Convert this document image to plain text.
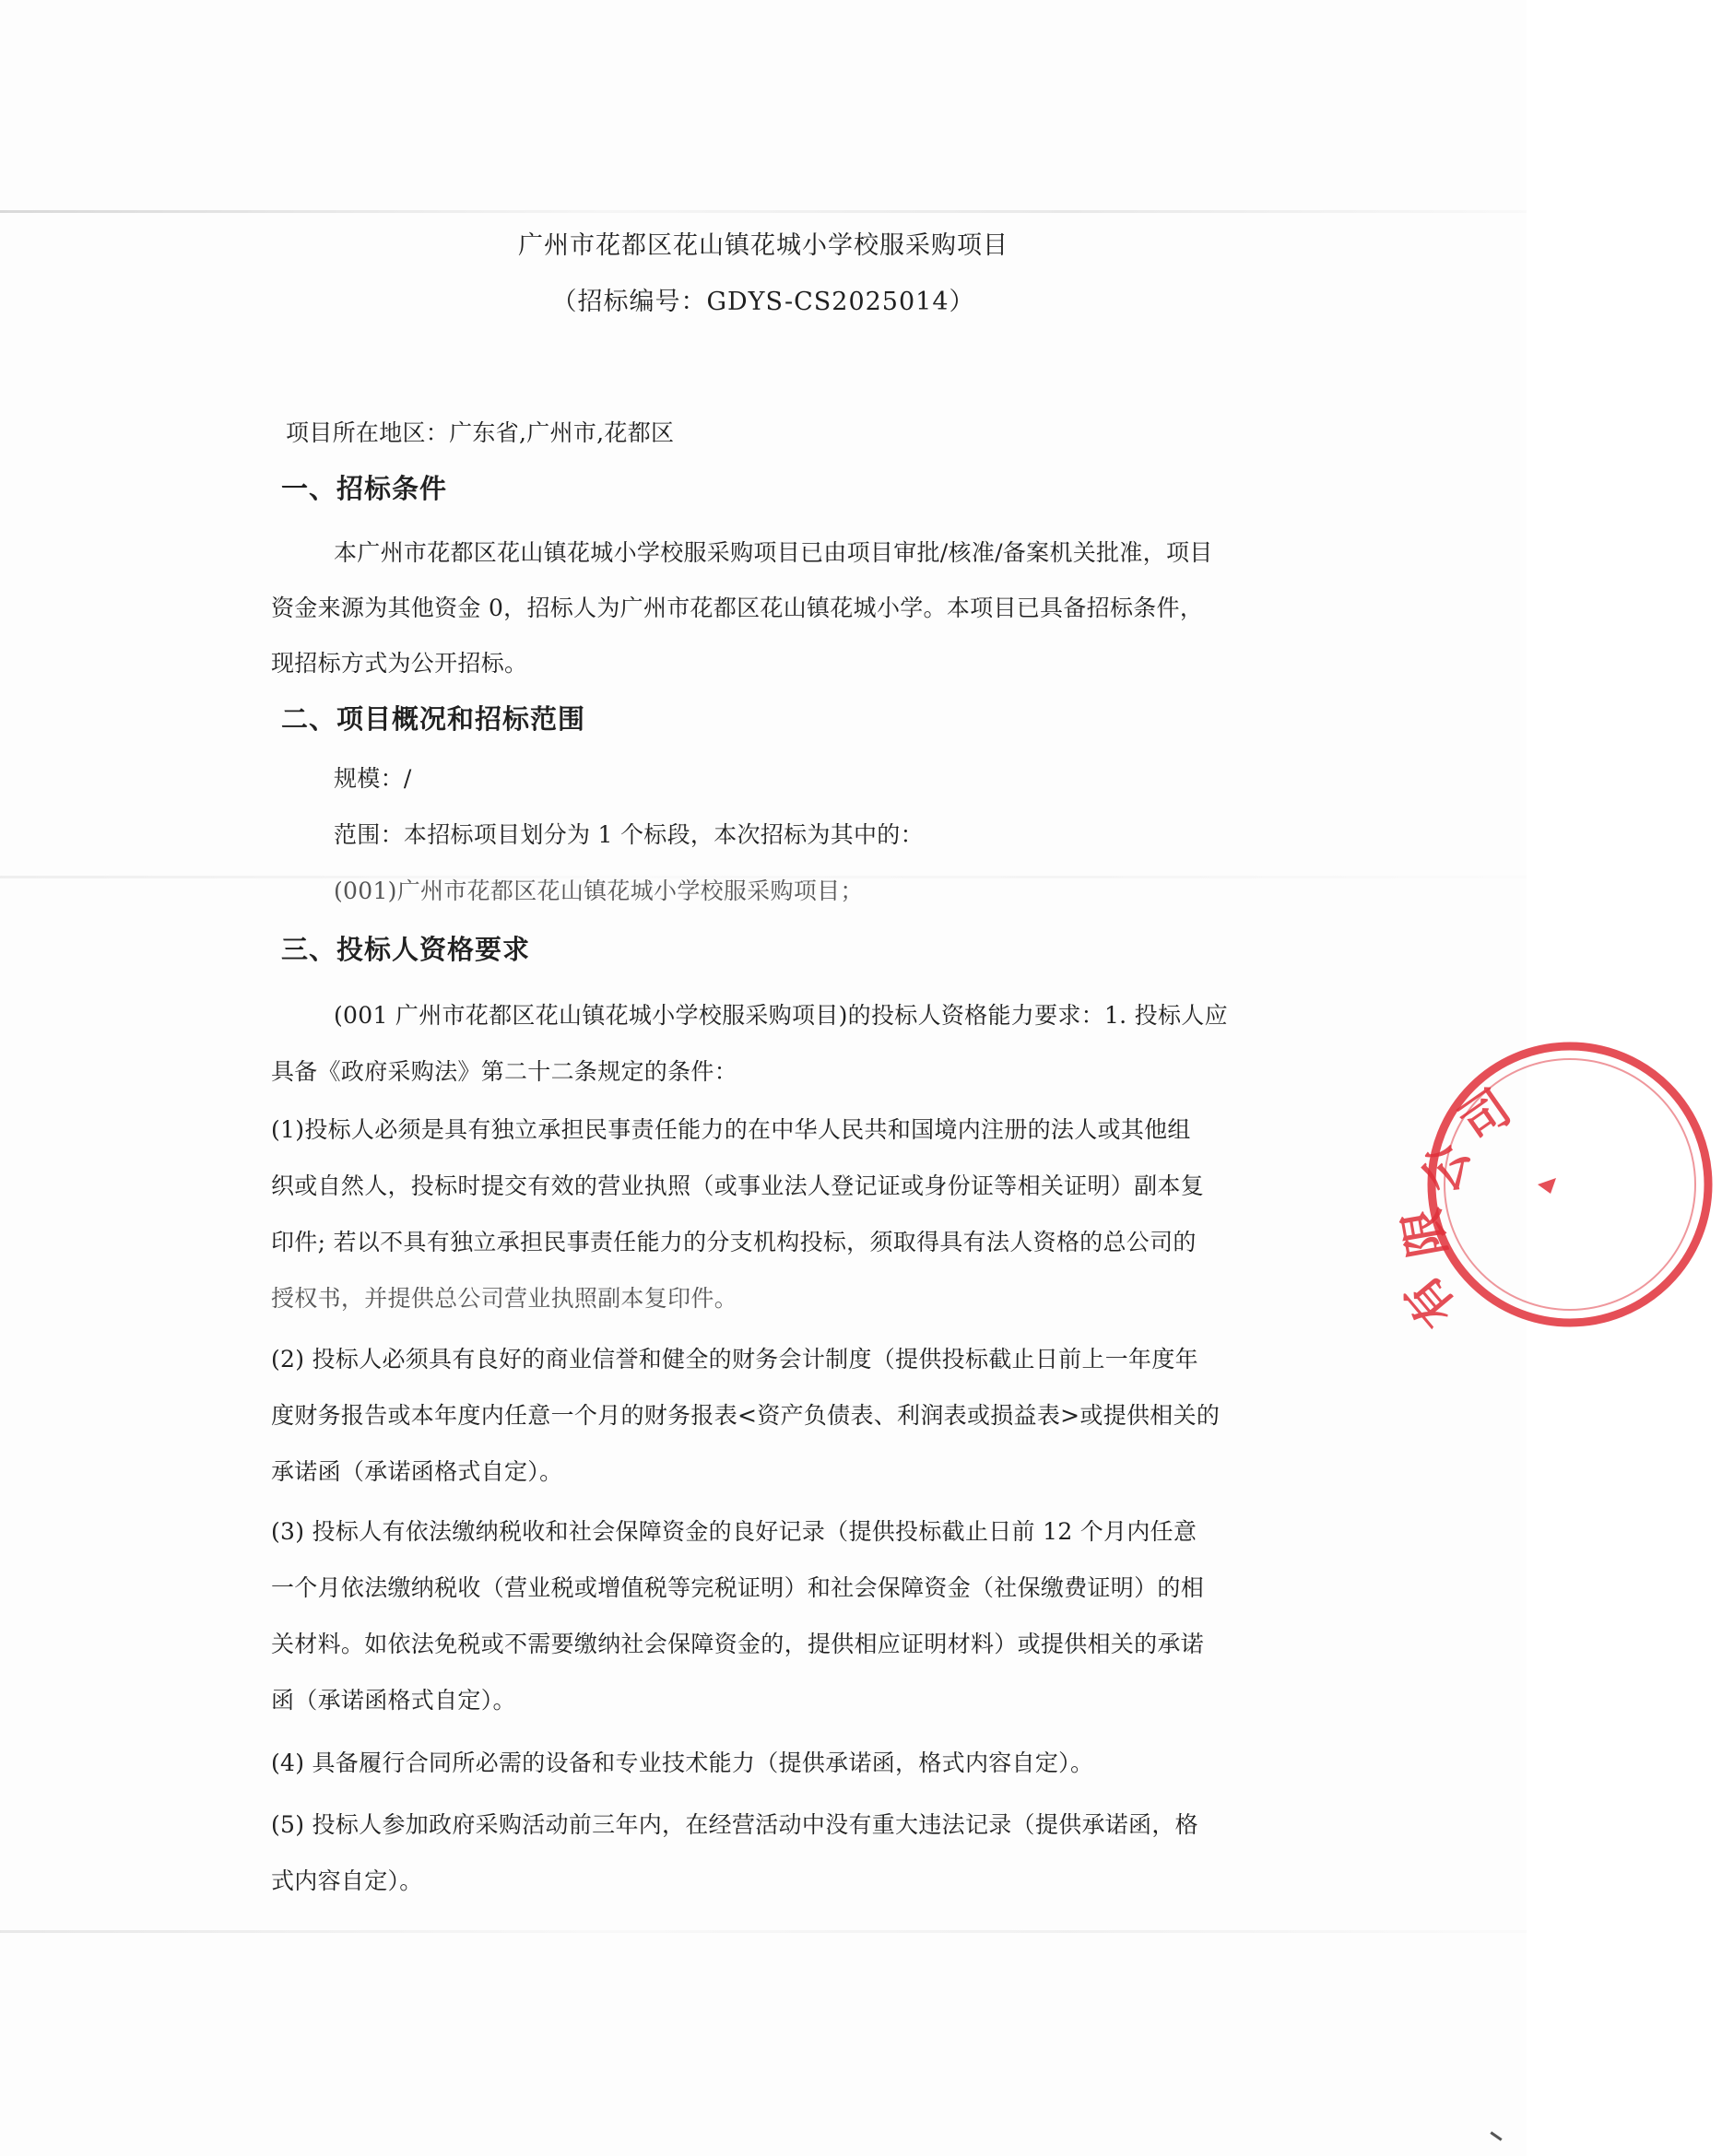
广州市花都区花山镇花城小学校服采购项目
（招标编号：GDYS-CS2025014）
项目所在地区：广东省,广州市,花都区
一、招标条件
本广州市花都区花山镇花城小学校服采购项目已由项目审批/核准/备案机关批准，项目
资金来源为其他资金 0，招标人为广州市花都区花山镇花城小学。本项目已具备招标条件，
现招标方式为公开招标。
二、项目概况和招标范围
规模：/
范围：本招标项目划分为 1 个标段，本次招标为其中的：
(001)广州市花都区花山镇花城小学校服采购项目；
三、投标人资格要求
(001 广州市花都区花山镇花城小学校服采购项目)的投标人资格能力要求：1. 投标人应
具备《政府采购法》第二十二条规定的条件：
(1)投标人必须是具有独立承担民事责任能力的在中华人民共和国境内注册的法人或其他组
织或自然人，投标时提交有效的营业执照（或事业法人登记证或身份证等相关证明）副本复
印件; 若以不具有独立承担民事责任能力的分支机构投标，须取得具有法人资格的总公司的
授权书，并提供总公司营业执照副本复印件。
(2) 投标人必须具有良好的商业信誉和健全的财务会计制度（提供投标截止日前上一年度年
度财务报告或本年度内任意一个月的财务报表<资产负债表、利润表或损益表>或提供相关的
承诺函（承诺函格式自定）。
(3) 投标人有依法缴纳税收和社会保障资金的良好记录（提供投标截止日前 12 个月内任意
一个月依法缴纳税收（营业税或增值税等完税证明）和社会保障资金（社保缴费证明）的相
关材料。如依法免税或不需要缴纳社会保障资金的，提供相应证明材料）或提供相关的承诺
函（承诺函格式自定）。
(4) 具备履行合同所必需的设备和专业技术能力（提供承诺函，格式内容自定）。
(5) 投标人参加政府采购活动前三年内，在经营活动中没有重大违法记录（提供承诺函，格
式内容自定）。
司
公
限
有
